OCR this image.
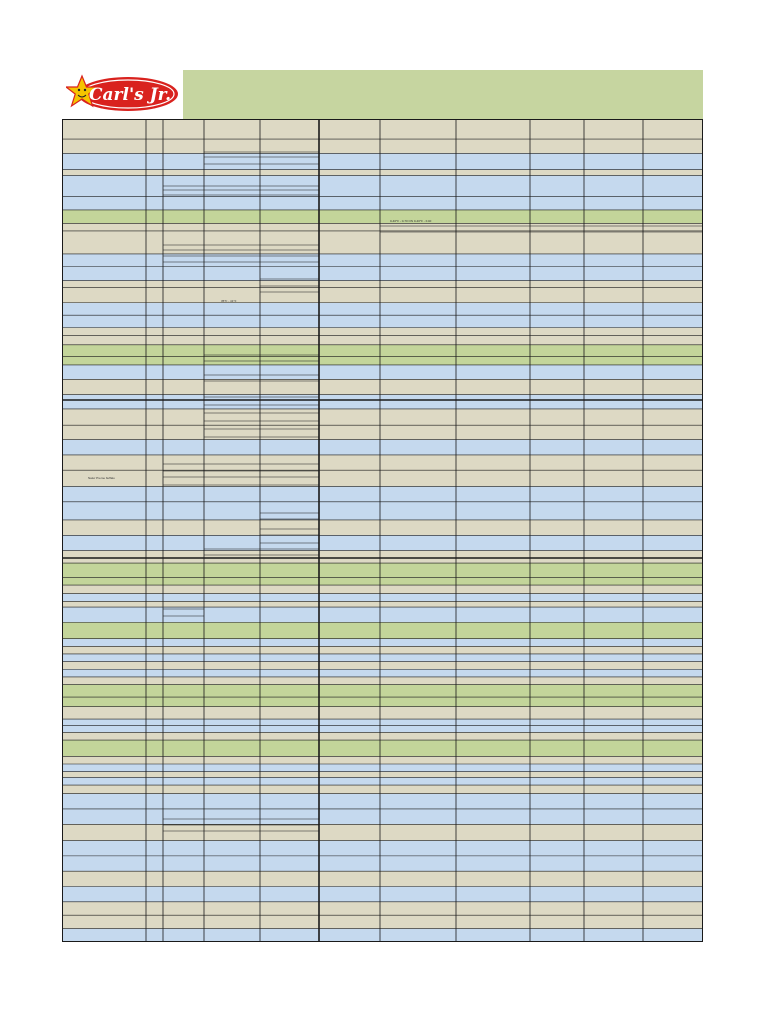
Carl's Jr.
35°F - 41°F
0-40°F - 0-70 ON 0-40°F - F.40
Natur Preme buffalo
